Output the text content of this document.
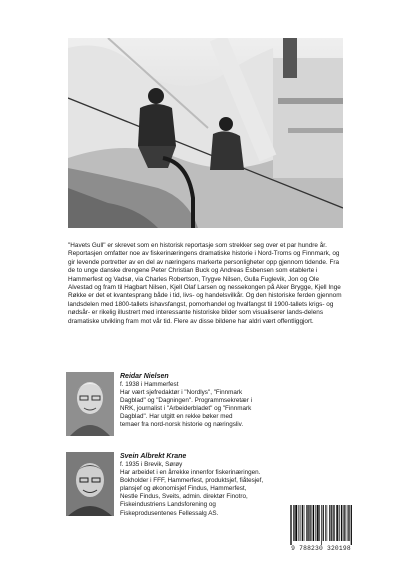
"Havets Gull" er skrevet som en historisk reportasje som strekker seg over et par hundre år. Reportasjen omfatter noe av fiskerinæringens dramatiske historie i Nord-Troms og Finnmark, og gir levende portretter av en del av næringens markerte personligheter opp gjennom tidende. Fra de to unge danske drengene Peter Christian Buck og Andreas Esbensen som etablerte i Hammerfest og Vadsø, via Charles Robertson, Trygve Nilsen, Gulla Fuglevik, Jon og Ole Alvestad og fram til Hagbart Nilsen, Kjell Olaf Larsen og nessekongen på Aker Brygge, Kjell Inge Røkke er det et kvantesprang både i tid, livs- og handelsvilkår. Og den historiske ferden gjennom landsdelen med 1800-tallets ishavsfangst, pomorhandel og hvalfangst til 1900-tallets krigs- og nødsår- er rikelig illustrert med interessante historiske bilder som visualiserer lands-delens dramatiske utvikling fram mot vår tid. Flere av disse bildene har aldri vært offentliggjort.

Reidar Nielsen
f. 1938 i Hammerfest
Har vært sjefredaktør i "Nordlys", "Finnmark
Dagblad" og "Dagningen". Programmsekretær i
NRK, journalist i "Arbeiderbladet" og "Finnmark
Dagblad". Har utgitt en rekke bøker med
temaer fra nord-norsk historie og næringsliv.
Svein Albrekt Krane
f. 1935 i Brevik, Sørøy
Har arbeidet i en årrekke innenfor fiskerinæringen.
Bokholder i FFF, Hammerfest, produktsjef, fiåtesjef,
plansjef og økonomisjef Findus, Hammerfest,
Nestle Findus, Sveits, admin. direktør Finotro,
Fiskeindustriens Landsforening og
Fiskeprodusentenes Fellessalg AS.
9 788230 320198
